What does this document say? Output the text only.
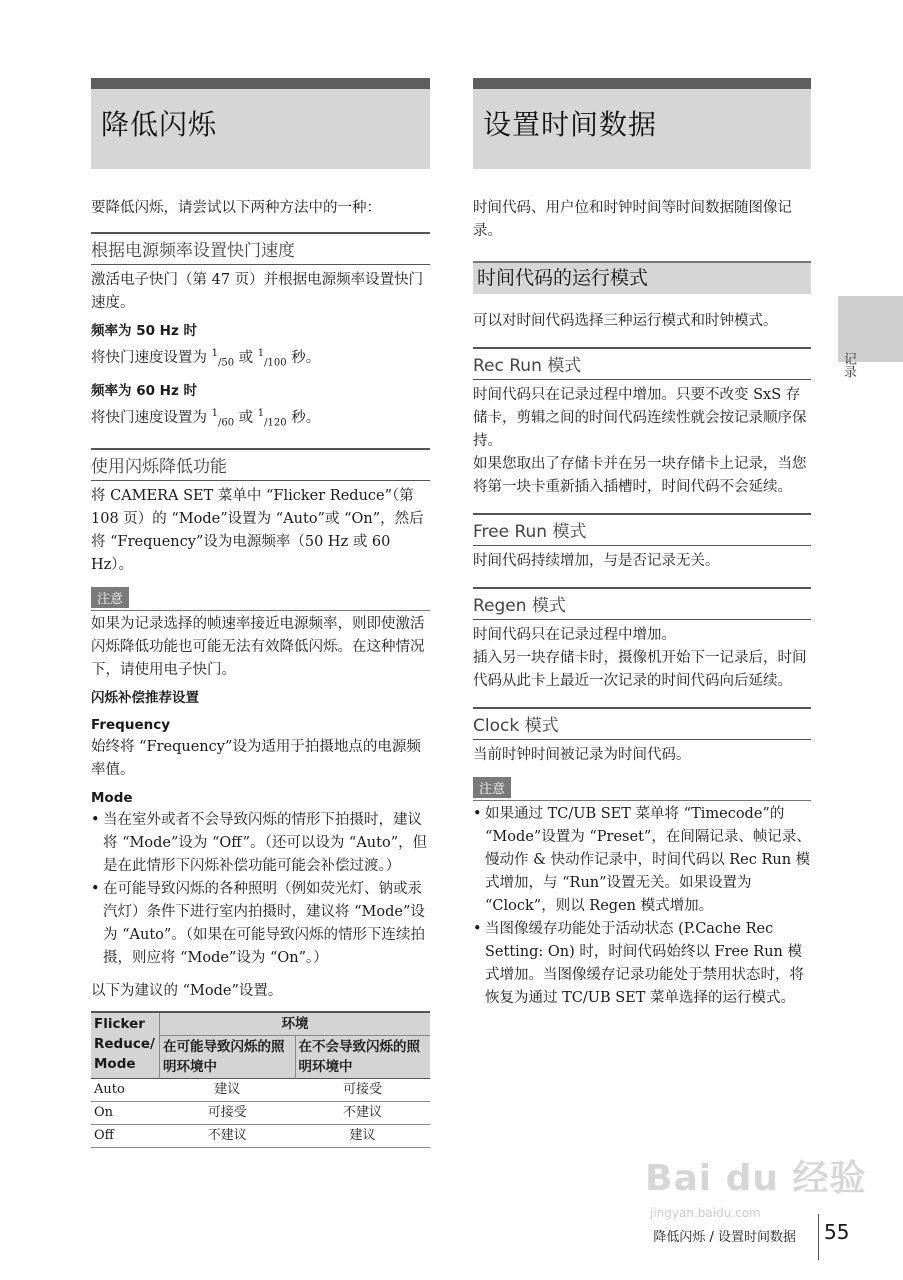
降低闪烁

要降低闪烁，请尝试以下两种方法中的一种：

根据电源频率设置快门速度

激活电子快门（第 47 页）并根据电源频率设置快门速度。

频率为 50 Hz 时

将快门速度设置为 $^1_{/50}$ 或 $^1_{/100}$ 秒。

频率为 60 Hz 时

将快门速度设置为 $^1_{/60}$ 或 $^1_{/120}$ 秒。

使用闪烁降低功能

将 CAMERA SET 菜单中 “Flicker Reduce”（第 108 页）的 “Mode”设置为 “Auto”或 “On”，然后将 “Frequency”设为电源频率（50 Hz 或 60 Hz）。

注意

如果为记录选择的帧速率接近电源频率，则即使激活闪烁降低功能也可能无法有效降低闪烁。在这种情况下，请使用电子快门。

闪烁补偿推荐设置
Frequency

始终将 “Frequency”设为适用于拍摄地点的电源频率值。

Mode
• 当在室外或者不会导致闪烁的情形下拍摄时，建议将 “Mode”设为 “Off”。（还可以设为 “Auto”，但是在此情形下闪烁补偿功能可能会补偿过渡。）
• 在可能导致闪烁的各种照明（例如荧光灯、钠或汞汽灯）条件下进行室内拍摄时，建议将 “Mode”设为 “Auto”。（如果在可能导致闪烁的情形下连续拍摄，则应将 “Mode”设为 “On”。）

以下为建议的 “Mode”设置。

Flicker Reduce/ Mode	环境	
	在可能导致闪烁的照明环境中	在不会导致闪烁的照明环境中
Auto	建议	可接受
On	可接受	不建议
Off	不建议	建议
设置时间数据

时间代码、用户位和时钟时间等时间数据随图像记录。

时间代码的运行模式

可以对时间代码选择三种运行模式和时钟模式。

Rec Run 模式

时间代码只在记录过程中增加。只要不改变 SxS 存储卡，剪辑之间的时间代码连续性就会按记录顺序保持。

如果您取出了存储卡并在另一块存储卡上记录，当您将第一块卡重新插入插槽时，时间代码不会延续。

Free Run 模式

时间代码持续增加，与是否记录无关。

Regen 模式

时间代码只在记录过程中增加。

插入另一块存储卡时，摄像机开始下一记录后，时间代码从此卡上最近一次记录的时间代码向后延续。

Clock 模式

当前时钟时间被记录为时间代码。

注意
• 如果通过 TC/UB SET 菜单将 “Timecode”的 “Mode”设置为 “Preset”，在间隔记录、帧记录、慢动作 & 快动作记录中，时间代码以 Rec Run 模式增加，与 “Run”设置无关。如果设置为 “Clock”，则以 Regen 模式增加。
• 当图像缓存功能处于活动状态 (P.Cache Rec Setting: On) 时，时间代码始终以 Free Run 模式增加。当图像缓存记录功能处于禁用状态时，将恢复为通过 TC/UB SET 菜单选择的运行模式。
记录
Bai du 经验
jingyan.baidu.com
降低闪烁 / 设置时间数据 55
